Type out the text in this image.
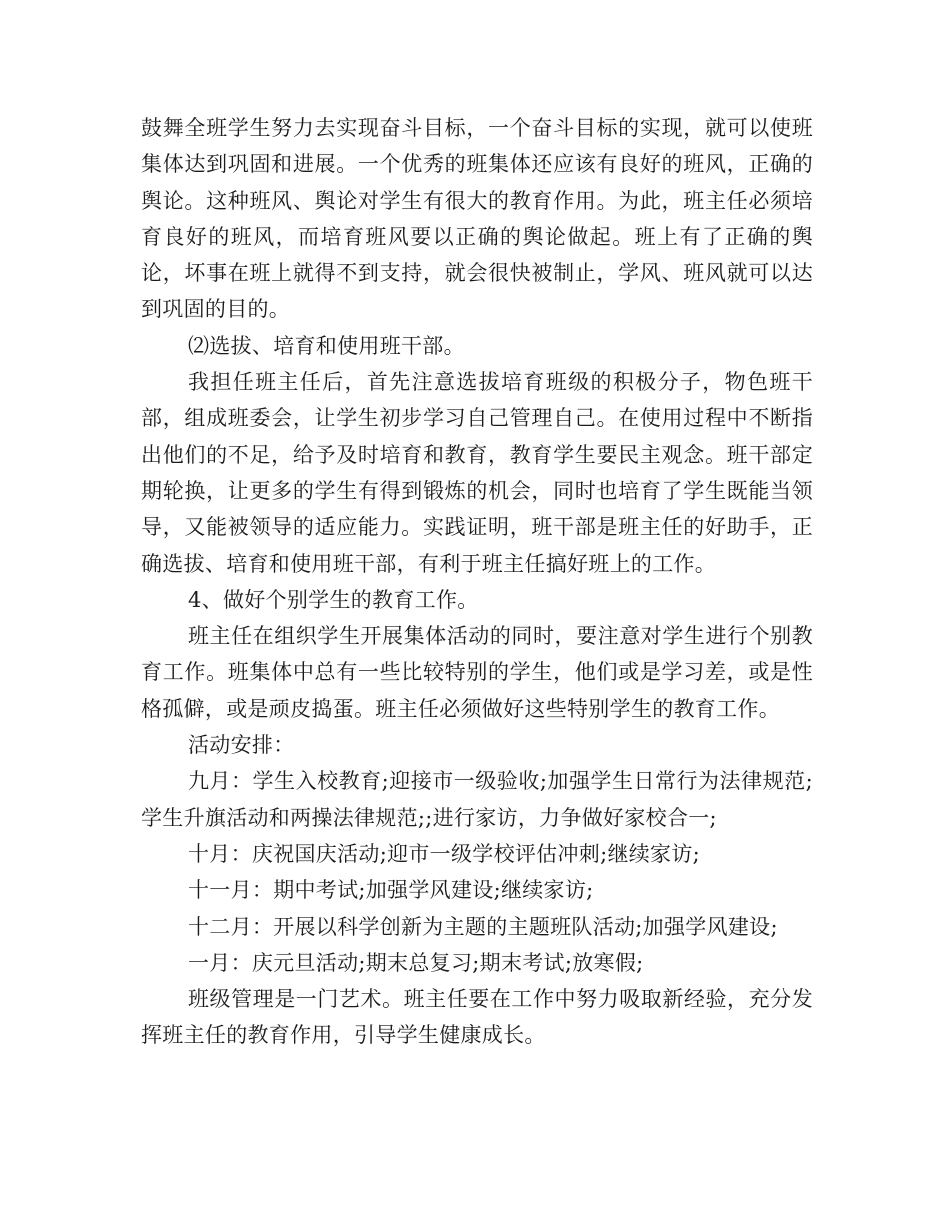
鼓舞全班学生努力去实现奋斗目标，一个奋斗目标的实现，就可以使班集体达到巩固和进展。一个优秀的班集体还应该有良好的班风，正确的舆论。这种班风、舆论对学生有很大的教育作用。为此，班主任必须培育良好的班风，而培育班风要以正确的舆论做起。班上有了正确的舆论，坏事在班上就得不到支持，就会很快被制止，学风、班风就可以达到巩固的目的。

⑵选拔、培育和使用班干部。

我担任班主任后，首先注意选拔培育班级的积极分子，物色班干部，组成班委会，让学生初步学习自己管理自己。在使用过程中不断指出他们的不足，给予及时培育和教育，教育学生要民主观念。班干部定期轮换，让更多的学生有得到锻炼的机会，同时也培育了学生既能当领导，又能被领导的适应能力。实践证明，班干部是班主任的好助手，正确选拔、培育和使用班干部，有利于班主任搞好班上的工作。

4、做好个别学生的教育工作。

班主任在组织学生开展集体活动的同时，要注意对学生进行个别教育工作。班集体中总有一些比较特别的学生，他们或是学习差，或是性格孤僻，或是顽皮捣蛋。班主任必须做好这些特别学生的教育工作。

活动安排：

九月：学生入校教育;迎接市一级验收;加强学生日常行为法律规范;学生升旗活动和两操法律规范;;进行家访，力争做好家校合一;

十月：庆祝国庆活动;迎市一级学校评估冲刺;继续家访;

十一月：期中考试;加强学风建设;继续家访;

十二月：开展以科学创新为主题的主题班队活动;加强学风建设;

一月：庆元旦活动;期末总复习;期末考试;放寒假;

班级管理是一门艺术。班主任要在工作中努力吸取新经验，充分发挥班主任的教育作用，引导学生健康成长。
